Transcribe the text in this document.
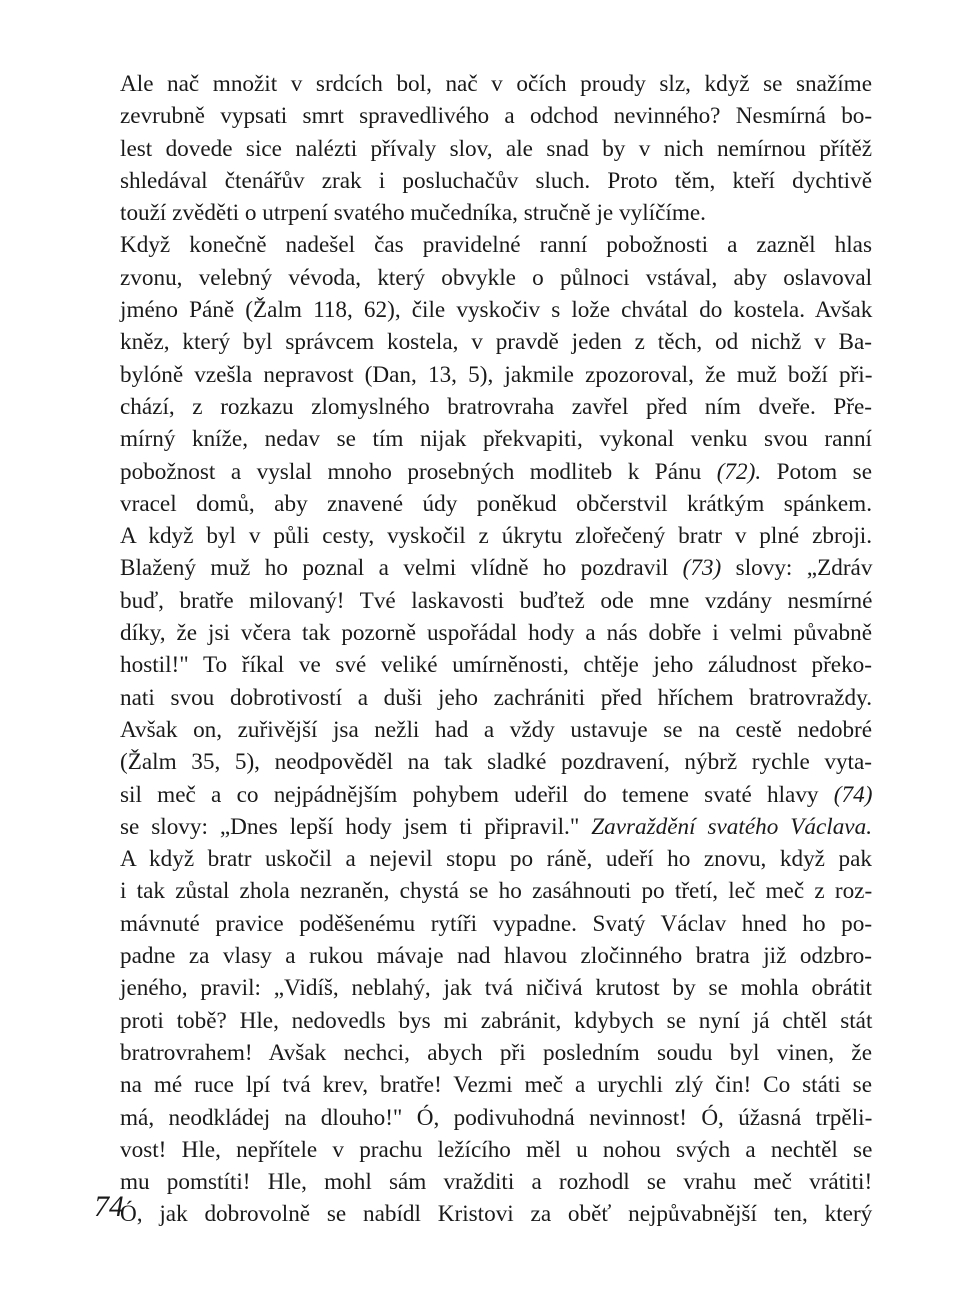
Ale nač množit v srdcích bol, nač v očích proudy slz, když se snažíme
zevrubně vypsati smrt spravedlivého a odchod nevinného? Nesmírná bo-
lest dovede sice nalézti přívaly slov, ale snad by v nich nemírnou přítěž
shledával čtenářův zrak i posluchačův sluch. Proto těm, kteří dychtivě
touží zvěděti o utrpení svatého mučedníka, stručně je vylíčíme.
Když konečně nadešel čas pravidelné ranní pobožnosti a zazněl hlas
zvonu, velebný vévoda, který obvykle o půlnoci vstával, aby oslavoval
jméno Páně (Žalm 118, 62), čile vyskočiv s lože chvátal do kostela. Avšak
kněz, který byl správcem kostela, v pravdě jeden z těch, od nichž v Ba-
bylóně vzešla nepravost (Dan, 13, 5), jakmile zpozoroval, že muž boží při-
chází, z rozkazu zlomyslného bratrovraha zavřel před ním dveře. Pře-
mírný kníže, nedav se tím nijak překvapiti, vykonal venku svou ranní
pobožnost a vyslal mnoho prosebných modliteb k Pánu (72). Potom se
vracel domů, aby znavené údy poněkud občerstvil krátkým spánkem.
A když byl v půli cesty, vyskočil z úkrytu zlořečený bratr v plné zbroji.
Blažený muž ho poznal a velmi vlídně ho pozdravil (73) slovy: „Zdráv
buď, bratře milovaný! Tvé laskavosti buďtež ode mne vzdány nesmírné
díky, že jsi včera tak pozorně uspořádal hody a nás dobře i velmi půvabně
hostil!" To říkal ve své veliké umírněnosti, chtěje jeho záludnost překo-
nati svou dobrotivostí a duši jeho zachrániti před hříchem bratrovraždy.
Avšak on, zuřivější jsa nežli had a vždy ustavuje se na cestě nedobré
(Žalm 35, 5), neodpověděl na tak sladké pozdravení, nýbrž rychle vyta-
sil meč a co nejpádnějším pohybem udeřil do temene svaté hlavy (74)
se slovy: „Dnes lepší hody jsem ti připravil." Zavraždění svatého Václava.
A když bratr uskočil a nejevil stopu po ráně, udeří ho znovu, když pak
i tak zůstal zhola nezraněn, chystá se ho zasáhnouti po třetí, leč meč z roz-
mávnuté pravice poděšenému rytíři vypadne. Svatý Václav hned ho po-
padne za vlasy a rukou mávaje nad hlavou zločinného bratra již odzbro-
jeného, pravil: „Vidíš, neblahý, jak tvá ničivá krutost by se mohla obrátit
proti tobě? Hle, nedovedls bys mi zabránit, kdybych se nyní já chtěl stát
bratrovrahem! Avšak nechci, abych při posledním soudu byl vinen, že
na mé ruce lpí tvá krev, bratře! Vezmi meč a urychli zlý čin! Co státi se
má, neodkládej na dlouho!" Ó, podivuhodná nevinnost! Ó, úžasná trpěli-
vost! Hle, nepřítele v prachu ležícího měl u nohou svých a nechtěl se
mu pomstíti! Hle, mohl sám vražditi a rozhodl se vrahu meč vrátiti!
Ó, jak dobrovolně se nabídl Kristovi za oběť nejpůvabnější ten, který
74
